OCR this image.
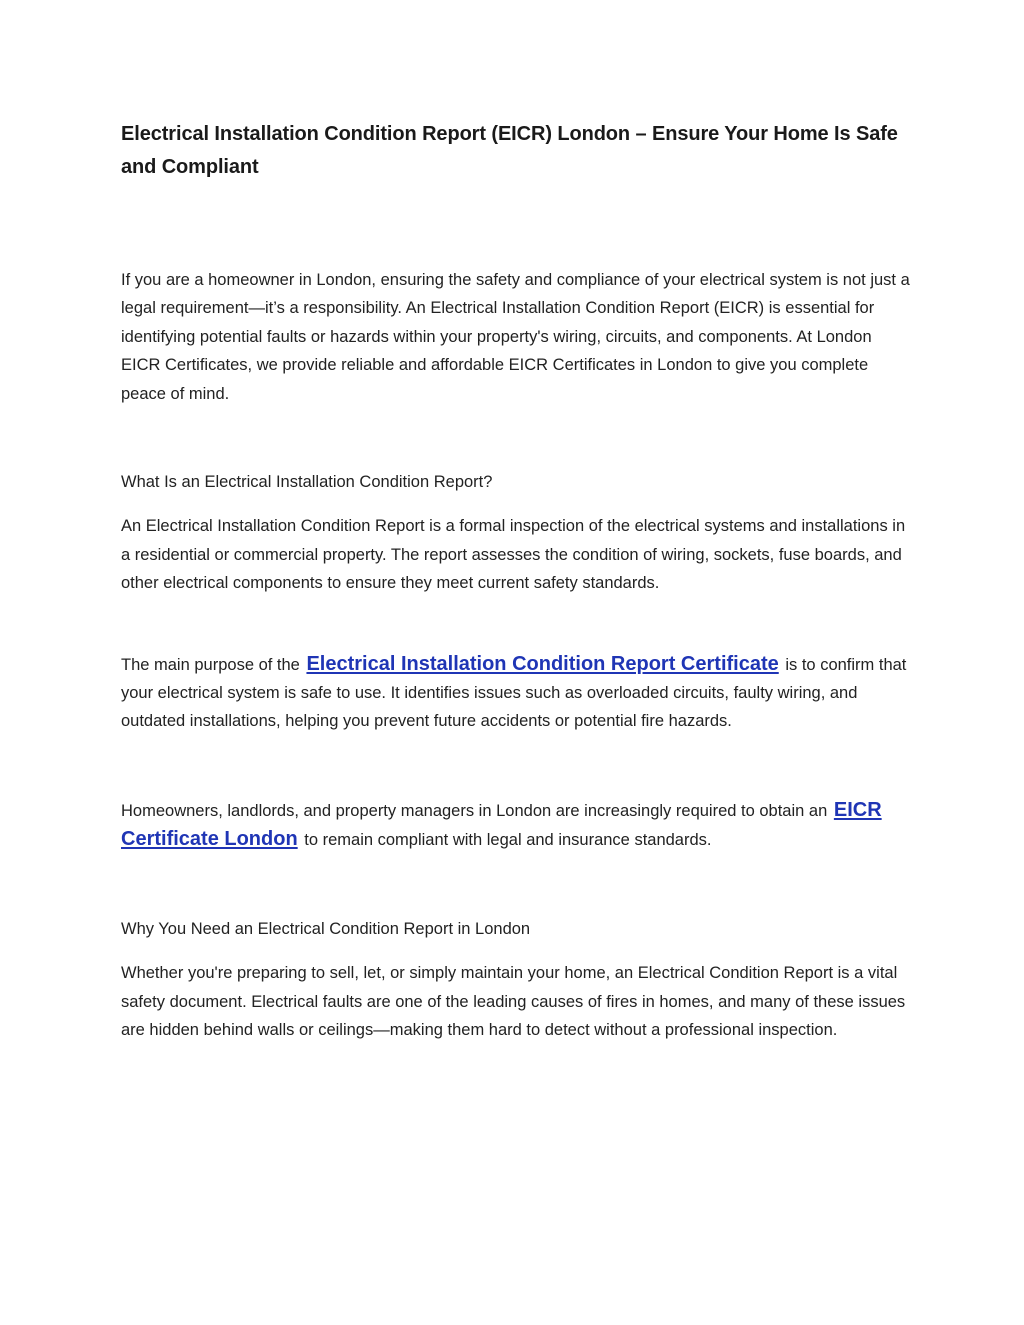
Electrical Installation Condition Report (EICR) London – Ensure Your Home Is Safe and Compliant

If you are a homeowner in London, ensuring the safety and compliance of your electrical system is not just a legal requirement—it’s a responsibility. An Electrical Installation Condition Report (EICR) is essential for identifying potential faults or hazards within your property's wiring, circuits, and components. At London EICR Certificates, we provide reliable and affordable EICR Certificates in London to give you complete peace of mind.

What Is an Electrical Installation Condition Report?

An Electrical Installation Condition Report is a formal inspection of the electrical systems and installations in a residential or commercial property. The report assesses the condition of wiring, sockets, fuse boards, and other electrical components to ensure they meet current safety standards.

The main purpose of the Electrical Installation Condition Report Certificate is to confirm that your electrical system is safe to use. It identifies issues such as overloaded circuits, faulty wiring, and outdated installations, helping you prevent future accidents or potential fire hazards.

Homeowners, landlords, and property managers in London are increasingly required to obtain an EICR Certificate London to remain compliant with legal and insurance standards.

Why You Need an Electrical Condition Report in London

Whether you're preparing to sell, let, or simply maintain your home, an Electrical Condition Report is a vital safety document. Electrical faults are one of the leading causes of fires in homes, and many of these issues are hidden behind walls or ceilings—making them hard to detect without a professional inspection.
